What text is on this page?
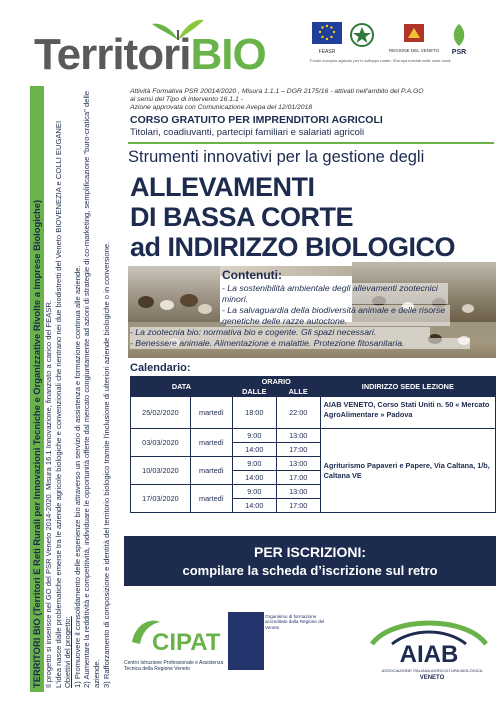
TerritoriBIO	FEASR	REGIONE DEL VENETO PSR
Fondo europeo agricolo per lo sviluppo rurale: l'Europa investe nelle zone rurali
TERRITORI BIO (Territori E Reti Rurali per Innovazioni Tecniche e Organizzative Rivolte a Imprese Biologiche) Il progetto si inserisce nel GO del PSR Veneto 2014-2020. Misura 16.1 Innovazione, finanziato a carico del FEASR. L'idea nasce dalle problematiche emerse tra le aziende agricole biologiche e convenzionali che rientrano nei due biodistretti del Veneto BIOVENEZIA e COLLI EUGANEI Obiettivi del progetto: 1) Promuovere il consolidamento delle esperienze bio attraverso un servizio di assistenza e formazione continua alle aziende. 2) Aumentare la redditività e competitività, individuare le opportunità offerte dal mercato congiuntamente ad azioni di strategie di co-marketing, semplificazione "buro-cratica" delle aziende. 3) Rafforzamento di composizione e identità del territorio biologico tramite l'inclusione di ulteriori aziende biologiche o in conversione.

Attività Formativa PSR 20014/2020 , Misura 1.1.1 – DGR 2175/16 - attivati nell'ambito del P.A.GO
ai sensi del Tipo di intervento 16.1.1 -
Azione approvata con Comunicazione Avepa del 12/01/2018
CORSO GRATUITO PER IMPRENDITORI AGRICOLI
Titolari, coadiuvanti, partecipi familiari e salariati agricoli
Strumenti innovativi per la gestione degli
ALLEVAMENTI
DI BASSA CORTE
ad INDIRIZZO BIOLOGICO
Contenuti:
- La sostenibilità ambientale degli allevamenti zootecnici minori.
- La salvaguardia della biodiversità animale e delle risorse genetiche delle razze autoctone.
- La zootecnia bio: normativa bio e cogente. Gli spazi necessari.
- Benessere animale. Alimentazione e malattie. Protezione fitosanitaria.
Calendario:
DATA		ORARIO		INDIRIZZO SEDE LEZIONE
		DALLE	ALLE	
25/02/2020	martedì	18:00	22:00	AIAB VENETO, Corso Stati Uniti n. 50 « Mercato AgroAlimentare » Padova
03/03/2020	martedì	9:00	13:00	Agriturismo Papaveri e Papere, Via Caltana, 1/b, Caltana VE
		14:00	17:00	
10/03/2020	martedì	9:00	13:00	
		14:00	17:00	
17/03/2020	martedì	9:00	13:00	
		14:00	17:00	
PER ISCRIZIONI:
compilare la scheda d’iscrizione sul retro
CIPAT
Centro Istruzione Professionale e Assistenza Tecnica della Regione Veneto
Organismo di formazione accreditato dalla Regione del Veneto
AIAB
ASSOCIAZIONE ITALIANA AGRICOLTURA BIOLOGICA
VENETO
